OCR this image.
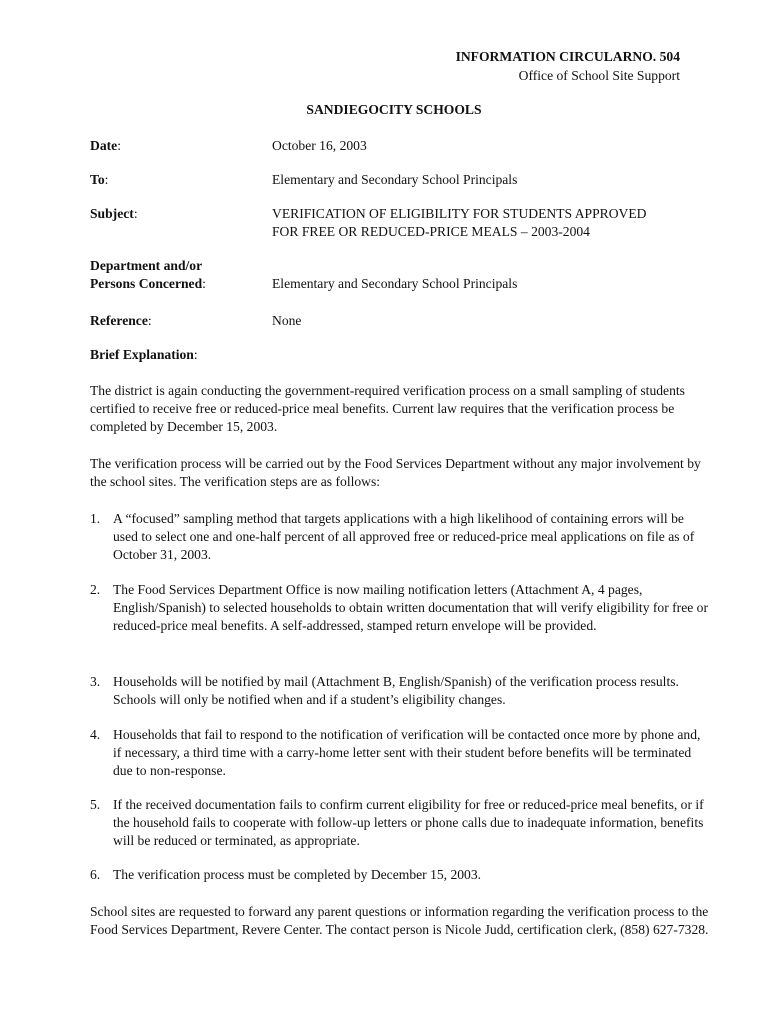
INFORMATION CIRCULARNO. 504
Office of School Site Support
SANDIEGOCITY SCHOOLS
Date:	October 16, 2003
To:	Elementary and Secondary School Principals
Subject:	VERIFICATION OF ELIGIBILITY FOR STUDENTS APPROVED
FOR FREE OR REDUCED-PRICE MEALS – 2003-2004
Department and/or
Persons Concerned:	Elementary and Secondary School Principals
Reference:	None
Brief Explanation:

The district is again conducting the government-required verification process on a small sampling of students certified to receive free or reduced-price meal benefits. Current law requires that the verification process be completed by December 15, 2003.

The verification process will be carried out by the Food Services Department without any major involvement by the school sites. The verification steps are as follows:

1. A “focused” sampling method that targets applications with a high likelihood of containing errors will be used to select one and one-half percent of all approved free or reduced-price meal applications on file as of October 31, 2003.
2. The Food Services Department Office is now mailing notification letters (Attachment A, 4 pages, English/Spanish) to selected households to obtain written documentation that will verify eligibility for free or reduced-price meal benefits. A self-addressed, stamped return envelope will be provided.
3. Households will be notified by mail (Attachment B, English/Spanish) of the verification process results. Schools will only be notified when and if a student’s eligibility changes.
4. Households that fail to respond to the notification of verification will be contacted once more by phone and, if necessary, a third time with a carry-home letter sent with their student before benefits will be terminated due to non-response.
5. If the received documentation fails to confirm current eligibility for free or reduced-price meal benefits, or if the household fails to cooperate with follow-up letters or phone calls due to inadequate information, benefits will be reduced or terminated, as appropriate.
6. The verification process must be completed by December 15, 2003.

School sites are requested to forward any parent questions or information regarding the verification process to the Food Services Department, Revere Center. The contact person is Nicole Judd, certification clerk, (858) 627-7328.
